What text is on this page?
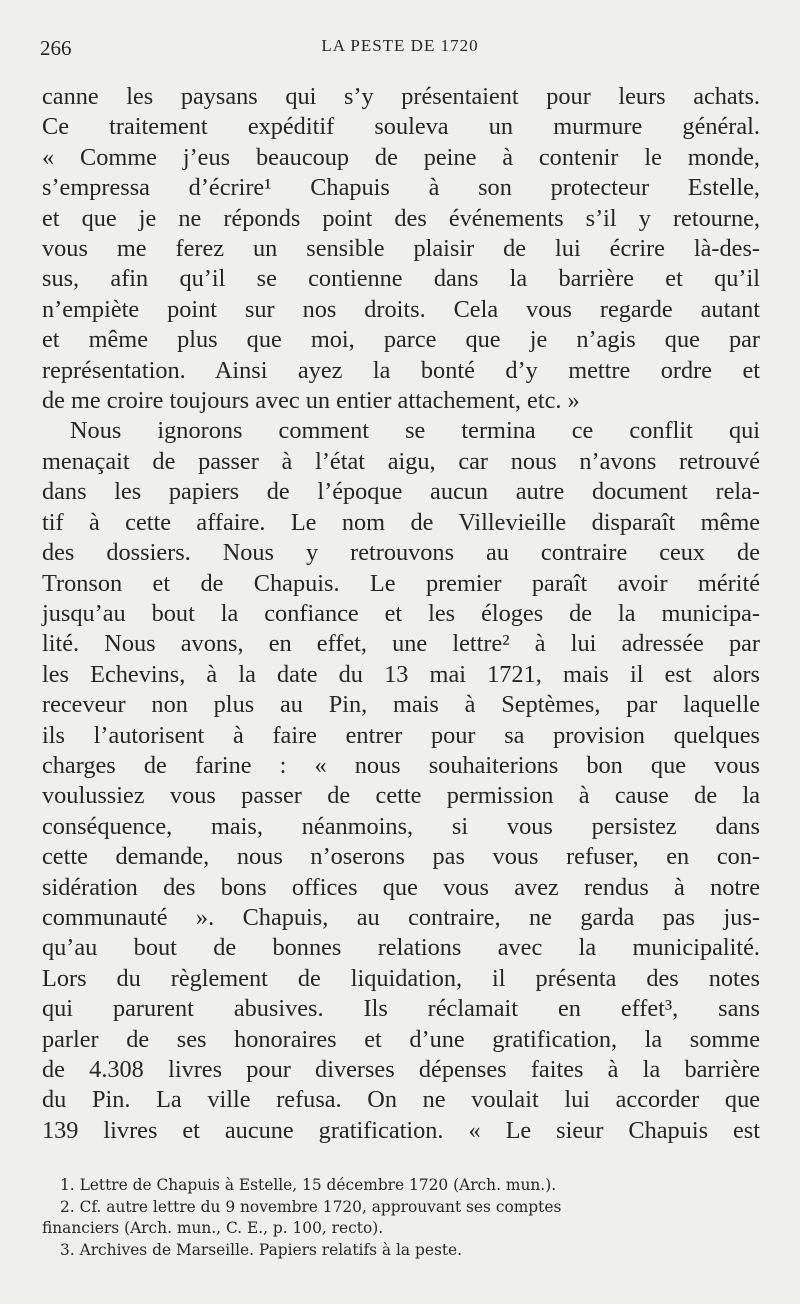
266	LA PESTE DE 1720
canne les paysans qui s’y présentaient pour leurs achats.
Ce traitement expéditif souleva un murmure général.
« Comme j’eus beaucoup de peine à contenir le monde,
s’empressa d’écrire¹ Chapuis à son protecteur Estelle,
et que je ne réponds point des événements s’il y retourne,
vous me ferez un sensible plaisir de lui écrire là-des-
sus, afin qu’il se contienne dans la barrière et qu’il
n’empiète point sur nos droits. Cela vous regarde autant
et même plus que moi, parce que je n’agis que par
représentation. Ainsi ayez la bonté d’y mettre ordre et
de me croire toujours avec un entier attachement, etc. »
Nous ignorons comment se termina ce conflit qui
menaçait de passer à l’état aigu, car nous n’avons retrouvé
dans les papiers de l’époque aucun autre document rela-
tif à cette affaire. Le nom de Villevieille disparaît même
des dossiers. Nous y retrouvons au contraire ceux de
Tronson et de Chapuis. Le premier paraît avoir mérité
jusqu’au bout la confiance et les éloges de la municipa-
lité. Nous avons, en effet, une lettre² à lui adressée par
les Echevins, à la date du 13 mai 1721, mais il est alors
receveur non plus au Pin, mais à Septèmes, par laquelle
ils l’autorisent à faire entrer pour sa provision quelques
charges de farine : « nous souhaiterions bon que vous
voulussiez vous passer de cette permission à cause de la
conséquence, mais, néanmoins, si vous persistez dans
cette demande, nous n’oserons pas vous refuser, en con-
sidération des bons offices que vous avez rendus à notre
communauté ». Chapuis, au contraire, ne garda pas jus-
qu’au bout de bonnes relations avec la municipalité.
Lors du règlement de liquidation, il présenta des notes
qui parurent abusives. Ils réclamait en effet³, sans
parler de ses honoraires et d’une gratification, la somme
de 4.308 livres pour diverses dépenses faites à la barrière
du Pin. La ville refusa. On ne voulait lui accorder que
139 livres et aucune gratification. « Le sieur Chapuis est
1. Lettre de Chapuis à Estelle, 15 décembre 1720 (Arch. mun.).
2. Cf. autre lettre du 9 novembre 1720, approuvant ses comptes
financiers (Arch. mun., C. E., p. 100, recto).
3. Archives de Marseille. Papiers relatifs à la peste.
